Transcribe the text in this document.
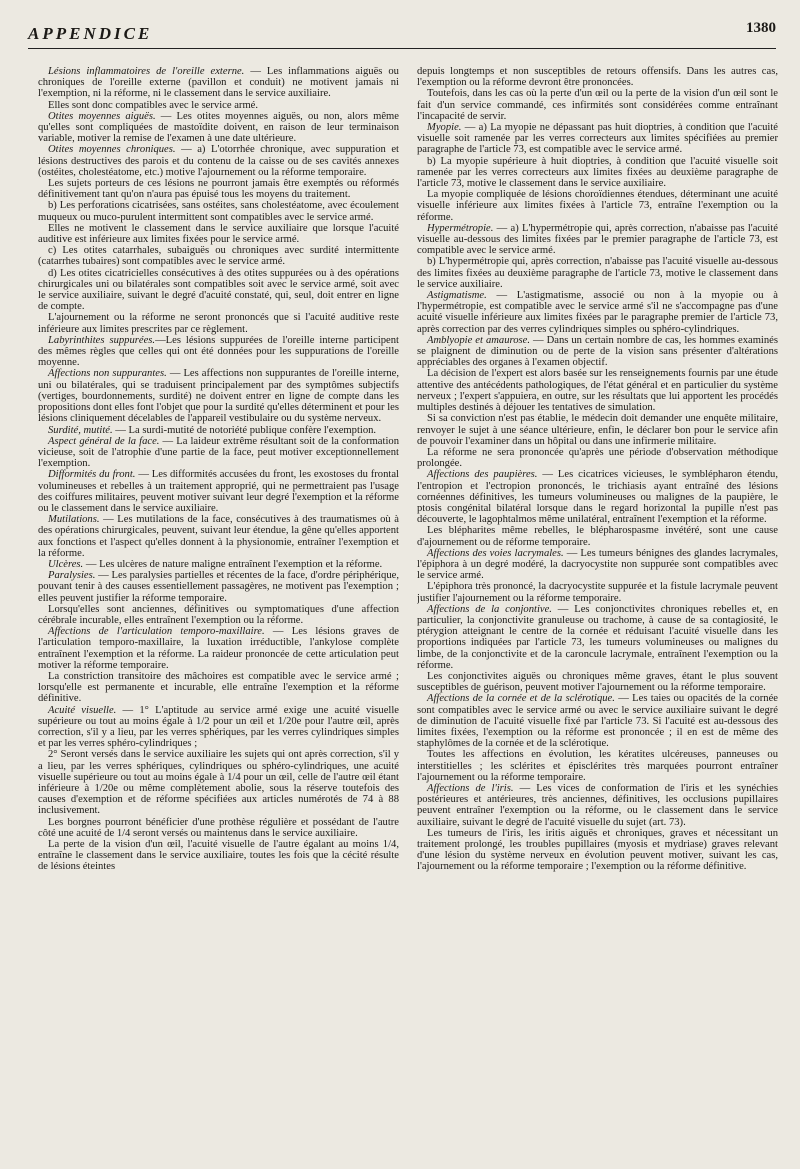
APPENDICE	1380

Lésions inflammatoires de l'oreille externe. — Les inflammations aiguës ou chroniques de l'oreille externe (pavillon et conduit) ne motivent jamais ni l'exemption, ni la réforme, ni le classement dans le service auxiliaire.

Elles sont donc compatibles avec le service armé.

Otites moyennes aiguës. — Les otites moyennes aiguës, ou non, alors même qu'elles sont compliquées de mastoïdite doivent, en raison de leur terminaison variable, motiver la remise de l'examen à une date ultérieure.

Otites moyennes chroniques. — a) L'otorrhée chronique, avec suppuration et lésions destructives des parois et du contenu de la caisse ou de ses cavités annexes (ostéites, cholestéatome, etc.) motive l'ajournement ou la réforme temporaire.

Les sujets porteurs de ces lésions ne pourront jamais être exemptés ou réformés définitivement tant qu'on n'aura pas épuisé tous les moyens du traitement.

b) Les perforations cicatrisées, sans ostéites, sans cholestéatome, avec écoulement muqueux ou muco-purulent intermittent sont compatibles avec le service armé.

Elles ne motivent le classement dans le service auxiliaire que lorsque l'acuité auditive est inférieure aux limites fixées pour le service armé.

c) Les otites catarrhales, subaiguës ou chroniques avec surdité intermittente (catarrhes tubaires) sont compatibles avec le service armé.

d) Les otites cicatricielles consécutives à des otites suppurées ou à des opérations chirurgicales uni ou bilatérales sont compatibles soit avec le service armé, soit avec le service auxiliaire, suivant le degré d'acuité constaté, qui, seul, doit entrer en ligne de compte.

L'ajournement ou la réforme ne seront prononcés que si l'acuité auditive reste inférieure aux limites prescrites par ce règlement.

Labyrinthites suppurées.—Les lésions suppurées de l'oreille interne participent des mêmes règles que celles qui ont été données pour les suppurations de l'oreille moyenne.

Affections non suppurantes. — Les affections non suppurantes de l'oreille interne, uni ou bilatérales, qui se traduisent principalement par des symptômes subjectifs (vertiges, bourdonnements, surdité) ne doivent entrer en ligne de compte dans les propositions dont elles font l'objet que pour la surdité qu'elles déterminent et pour les lésions cliniquement décelables de l'appareil vestibulaire ou du système nerveux.

Surdité, mutité. — La surdi-mutité de notoriété publique confère l'exemption.

Aspect général de la face. — La laideur extrême résultant soit de la conformation vicieuse, soit de l'atrophie d'une partie de la face, peut motiver exceptionnellement l'exemption.

Difformités du front. — Les difformités accusées du front, les exostoses du frontal volumineuses et rebelles à un traitement approprié, qui ne permettraient pas l'usage des coiffures militaires, peuvent motiver suivant leur degré l'exemption et la réforme ou le classement dans le service auxiliaire.

Mutilations. — Les mutilations de la face, consécutives à des traumatismes où à des opérations chirurgicales, peuvent, suivant leur étendue, la gêne qu'elles apportent aux fonctions et l'aspect qu'elles donnent à la physionomie, entraîner l'exemption et la réforme.

Ulcères. — Les ulcères de nature maligne entraînent l'exemption et la réforme.

Paralysies. — Les paralysies partielles et récentes de la face, d'ordre périphérique, pouvant tenir à des causes essentiellement passagères, ne motivent pas l'exemption ; elles peuvent justifier la réforme temporaire.

Lorsqu'elles sont anciennes, définitives ou symptomatiques d'une affection cérébrale incurable, elles entraînent l'exemption ou la réforme.

Affections de l'articulation temporo-maxillaire. — Les lésions graves de l'articulation temporo-maxillaire, la luxation irréductible, l'ankylose complète entraînent l'exemption et la réforme. La raideur prononcée de cette articulation peut motiver la réforme temporaire.

La constriction transitoire des mâchoires est compatible avec le service armé ; lorsqu'elle est permanente et incurable, elle entraîne l'exemption et la réforme définitive.

Acuité visuelle. — 1° L'aptitude au service armé exige une acuité visuelle supérieure ou tout au moins égale à 1/2 pour un œil et 1/20e pour l'autre œil, après correction, s'il y a lieu, par les verres sphériques, par les verres cylindriques simples et par les verres sphéro-cylindriques ;

2° Seront versés dans le service auxiliaire les sujets qui ont après correction, s'il y a lieu, par les verres sphériques, cylindriques ou sphéro-cylindriques, une acuité visuelle supérieure ou tout au moins égale à 1/4 pour un œil, celle de l'autre œil étant inférieure à 1/20e ou même complètement abolie, sous la réserve toutefois des causes d'exemption et de réforme spécifiées aux articles numérotés de 74 à 88 inclusivement.

Les borgnes pourront bénéficier d'une prothèse régulière et possédant de l'autre côté une acuité de 1/4 seront versés ou maintenus dans le service auxiliaire.

La perte de la vision d'un œil, l'acuité visuelle de l'autre égalant au moins 1/4, entraîne le classement dans le service auxiliaire, toutes les fois que la cécité résulte de lésions éteintes

depuis longtemps et non susceptibles de retours offensifs. Dans les autres cas, l'exemption ou la réforme devront être prononcées.

Toutefois, dans les cas où la perte d'un œil ou la perte de la vision d'un œil sont le fait d'un service commandé, ces infirmités sont considérées comme entraînant l'incapacité de servir.

Myopie. — a) La myopie ne dépassant pas huit dioptries, à condition que l'acuité visuelle soit ramenée par les verres correcteurs aux limites spécifiées au premier paragraphe de l'article 73, est compatible avec le service armé.

b) La myopie supérieure à huit dioptries, à condition que l'acuité visuelle soit ramenée par les verres correcteurs aux limites fixées au deuxième paragraphe de l'article 73, motive le classement dans le service auxiliaire.

La myopie compliquée de lésions choroïdiennes étendues, déterminant une acuité visuelle inférieure aux limites fixées à l'article 73, entraîne l'exemption ou la réforme.

Hypermétropie. — a) L'hypermétropie qui, après correction, n'abaisse pas l'acuité visuelle au-dessous des limites fixées par le premier paragraphe de l'article 73, est compatible avec le service armé.

b) L'hypermétropie qui, après correction, n'abaisse pas l'acuité visuelle au-dessous des limites fixées au deuxième paragraphe de l'article 73, motive le classement dans le service auxiliaire.

Astigmatisme. — L'astigmatisme, associé ou non à la myopie ou à l'hypermétropie, est compatible avec le service armé s'il ne s'accompagne pas d'une acuité visuelle inférieure aux limites fixées par le paragraphe premier de l'article 73, après correction par des verres cylindriques simples ou sphéro-cylindriques.

Amblyopie et amaurose. — Dans un certain nombre de cas, les hommes examinés se plaignent de diminution ou de perte de la vision sans présenter d'altérations appréciables des organes à l'examen objectif.

La décision de l'expert est alors basée sur les renseignements fournis par une étude attentive des antécédents pathologiques, de l'état général et en particulier du système nerveux ; l'expert s'appuiera, en outre, sur les résultats que lui apportent les procédés multiples destinés à déjouer les tentatives de simulation.

Si sa conviction n'est pas établie, le médecin doit demander une enquête militaire, renvoyer le sujet à une séance ultérieure, enfin, le déclarer bon pour le service afin de pouvoir l'examiner dans un hôpital ou dans une infirmerie militaire.

La réforme ne sera prononcée qu'après une période d'observation méthodique prolongée.

Affections des paupières. — Les cicatrices vicieuses, le symblépharon étendu, l'entropion et l'ectropion prononcés, le trichiasis ayant entraîné des lésions cornéennes définitives, les tumeurs volumineuses ou malignes de la paupière, le ptosis congénital bilatéral lorsque dans le regard horizontal la pupille n'est pas découverte, le lagophtalmos même unilatéral, entraînent l'exemption et la réforme.

Les blépharites même rebelles, le blépharospasme invétéré, sont une cause d'ajournement ou de réforme temporaire.

Affections des voies lacrymales. — Les tumeurs bénignes des glandes lacrymales, l'épiphora à un degré modéré, la dacryocystite non suppurée sont compatibles avec le service armé.

L'épiphora très prononcé, la dacryocystite suppurée et la fistule lacrymale peuvent justifier l'ajournement ou la réforme temporaire.

Affections de la conjontive. — Les conjonctivites chroniques rebelles et, en particulier, la conjonctivite granuleuse ou trachome, à cause de sa contagiosité, le ptérygion atteignant le centre de la cornée et réduisant l'acuité visuelle dans les proportions indiquées par l'article 73, les tumeurs volumineuses ou malignes du limbe, de la conjonctivite et de la caroncule lacrymale, entraînent l'exemption ou la réforme.

Les conjonctivites aiguës ou chroniques même graves, étant le plus souvent susceptibles de guérison, peuvent motiver l'ajournement ou la réforme temporaire.

Affections de la cornée et de la sclérotique. — Les taies ou opacités de la cornée sont compatibles avec le service armé ou avec le service auxiliaire suivant le degré de diminution de l'acuité visuelle fixé par l'article 73. Si l'acuité est au-dessous des limites fixées, l'exemption ou la réforme est prononcée ; il en est de même des staphylômes de la cornée et de la sclérotique.

Toutes les affections en évolution, les kératites ulcéreuses, panneuses ou interstitielles ; les sclérites et épisclérites très marquées pourront entraîner l'ajournement ou la réforme temporaire.

Affections de l'iris. — Les vices de conformation de l'iris et les synéchies postérieures et antérieures, très anciennes, définitives, les occlusions pupillaires peuvent entraîner l'exemption ou la réforme, ou le classement dans le service auxiliaire, suivant le degré de l'acuité visuelle du sujet (art. 73).

Les tumeurs de l'iris, les iritis aiguës et chroniques, graves et nécessitant un traitement prolongé, les troubles pupillaires (myosis et mydriase) graves relevant d'une lésion du système nerveux en évolution peuvent motiver, suivant les cas, l'ajournement ou la réforme temporaire ; l'exemption ou la réforme définitive.
